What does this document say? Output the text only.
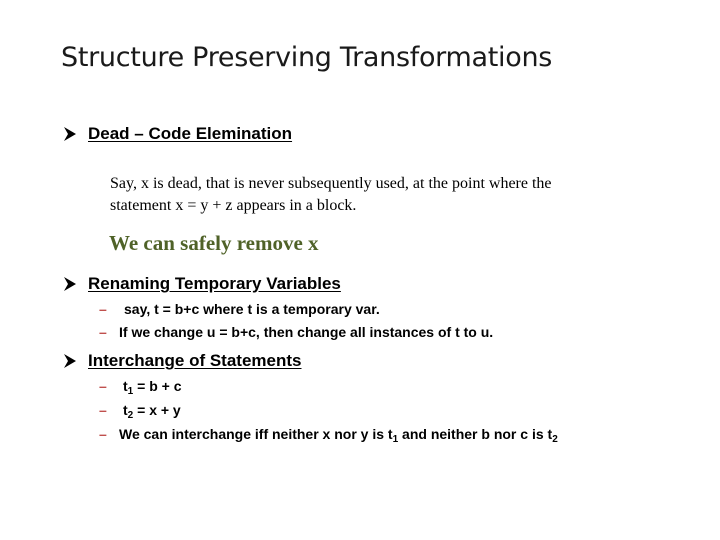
Structure Preserving Transformations
Dead – Code Elemination
Say, x is dead, that is never subsequently used, at the point where the
statement x = y + z appears in a block.
We can safely remove x
Renaming Temporary Variables
–	say, t = b+c where t is a temporary var.
– If we change u = b+c, then change all instances of t to u.
Interchange of Statements
–	$t_1 = b + c$
–	$t_2 = x + y$
– We can interchange iff neither x nor y is $t_1$ and neither b nor c is $t_2$
